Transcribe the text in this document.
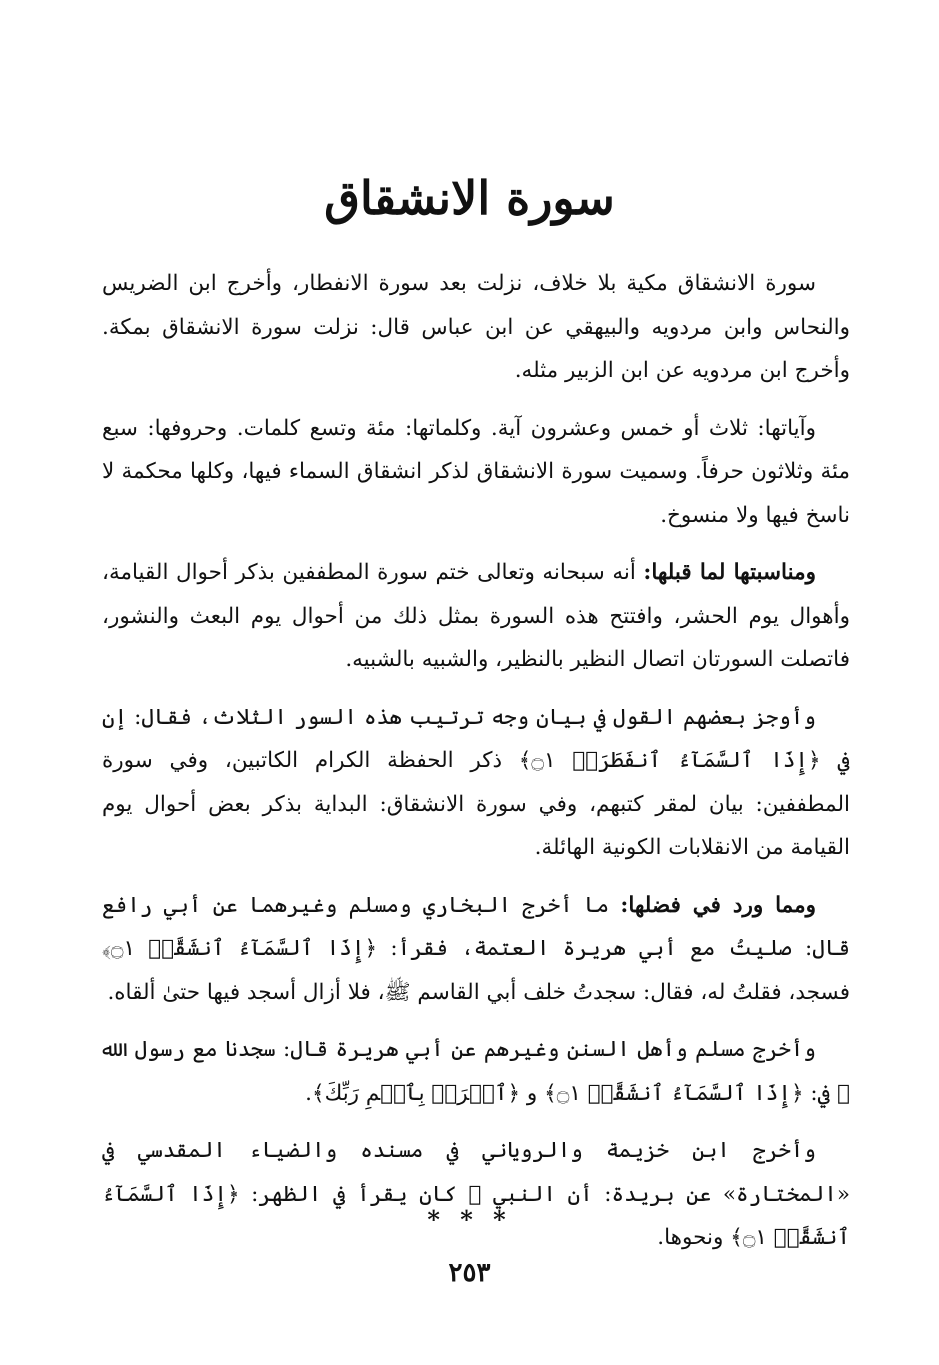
سورة الانشقاق

سورة الانشقاق مكية بلا خلاف، نزلت بعد سورة الانفطار، وأخرج ابن الضريس والنحاس وابن مردويه والبيهقي عن ابن عباس قال: نزلت سورة الانشقاق بمكة. وأخرج ابن مردويه عن ابن الزبير مثله.

وآياتها: ثلاث أو خمس وعشرون آية. وكلماتها: مئة وتسع كلمات. وحروفها: سبع مئة وثلاثون حرفاً. وسميت سورة الانشقاق لذكر انشقاق السماء فيها، وكلها محكمة لا ناسخ فيها ولا منسوخ.

ومناسبتها لما قبلها: أنه سبحانه وتعالى ختم سورة المطففين بذكر أحوال القيامة، وأهوال يوم الحشر، وافتتح هذه السورة بمثل ذلك من أحوال يوم البعث والنشور، فاتصلت السورتان اتصال النظير بالنظير، والشبيه بالشبيه.

وأوجز بعضهم القول في بيان وجه ترتيب هذه السور الثلاث، فقال: إن في ﴿إِذَا ٱلسَّمَآءُ ٱنفَطَرَتۡ ۝١﴾ ذكر الحفظة الكرام الكاتبين، وفي سورة المطففين: بيان لمقر كتبهم، وفي سورة الانشقاق: البداية بذكر بعض أحوال يوم القيامة من الانقلابات الكونية الهائلة.

ومما ورد في فضلها: ما أخرج البخاري ومسلم وغيرهما عن أبي رافع قال: صليتُ مع أبي هريرة العتمة، فقرأ: ﴿إِذَا ٱلسَّمَآءُ ٱنشَقَّتۡ ۝١﴾ فسجد، فقلتُ له، فقال: سجدتُ خلف أبي القاسم ﷺ، فلا أزال أسجد فيها حتىٰ ألقاه.

وأخرج مسلم وأهل السنن وغيرهم عن أبي هريرة قال: سجدنا مع رسول الله ﷺ في: ﴿إِذَا ٱلسَّمَآءُ ٱنشَقَّتۡ ۝١﴾ و ﴿ٱقۡرَأۡ بِٱسۡمِ رَبِّكَ﴾.

وأخرج ابن خزيمة والروياني في مسنده والضياء المقدسي في «المختارة» عن بريدة: أن النبي ﷺ كان يقرأ في الظهر: ﴿إِذَا ٱلسَّمَآءُ ٱنشَقَّتۡ ۝١﴾ ونحوها.

* * *
٢٥٣
